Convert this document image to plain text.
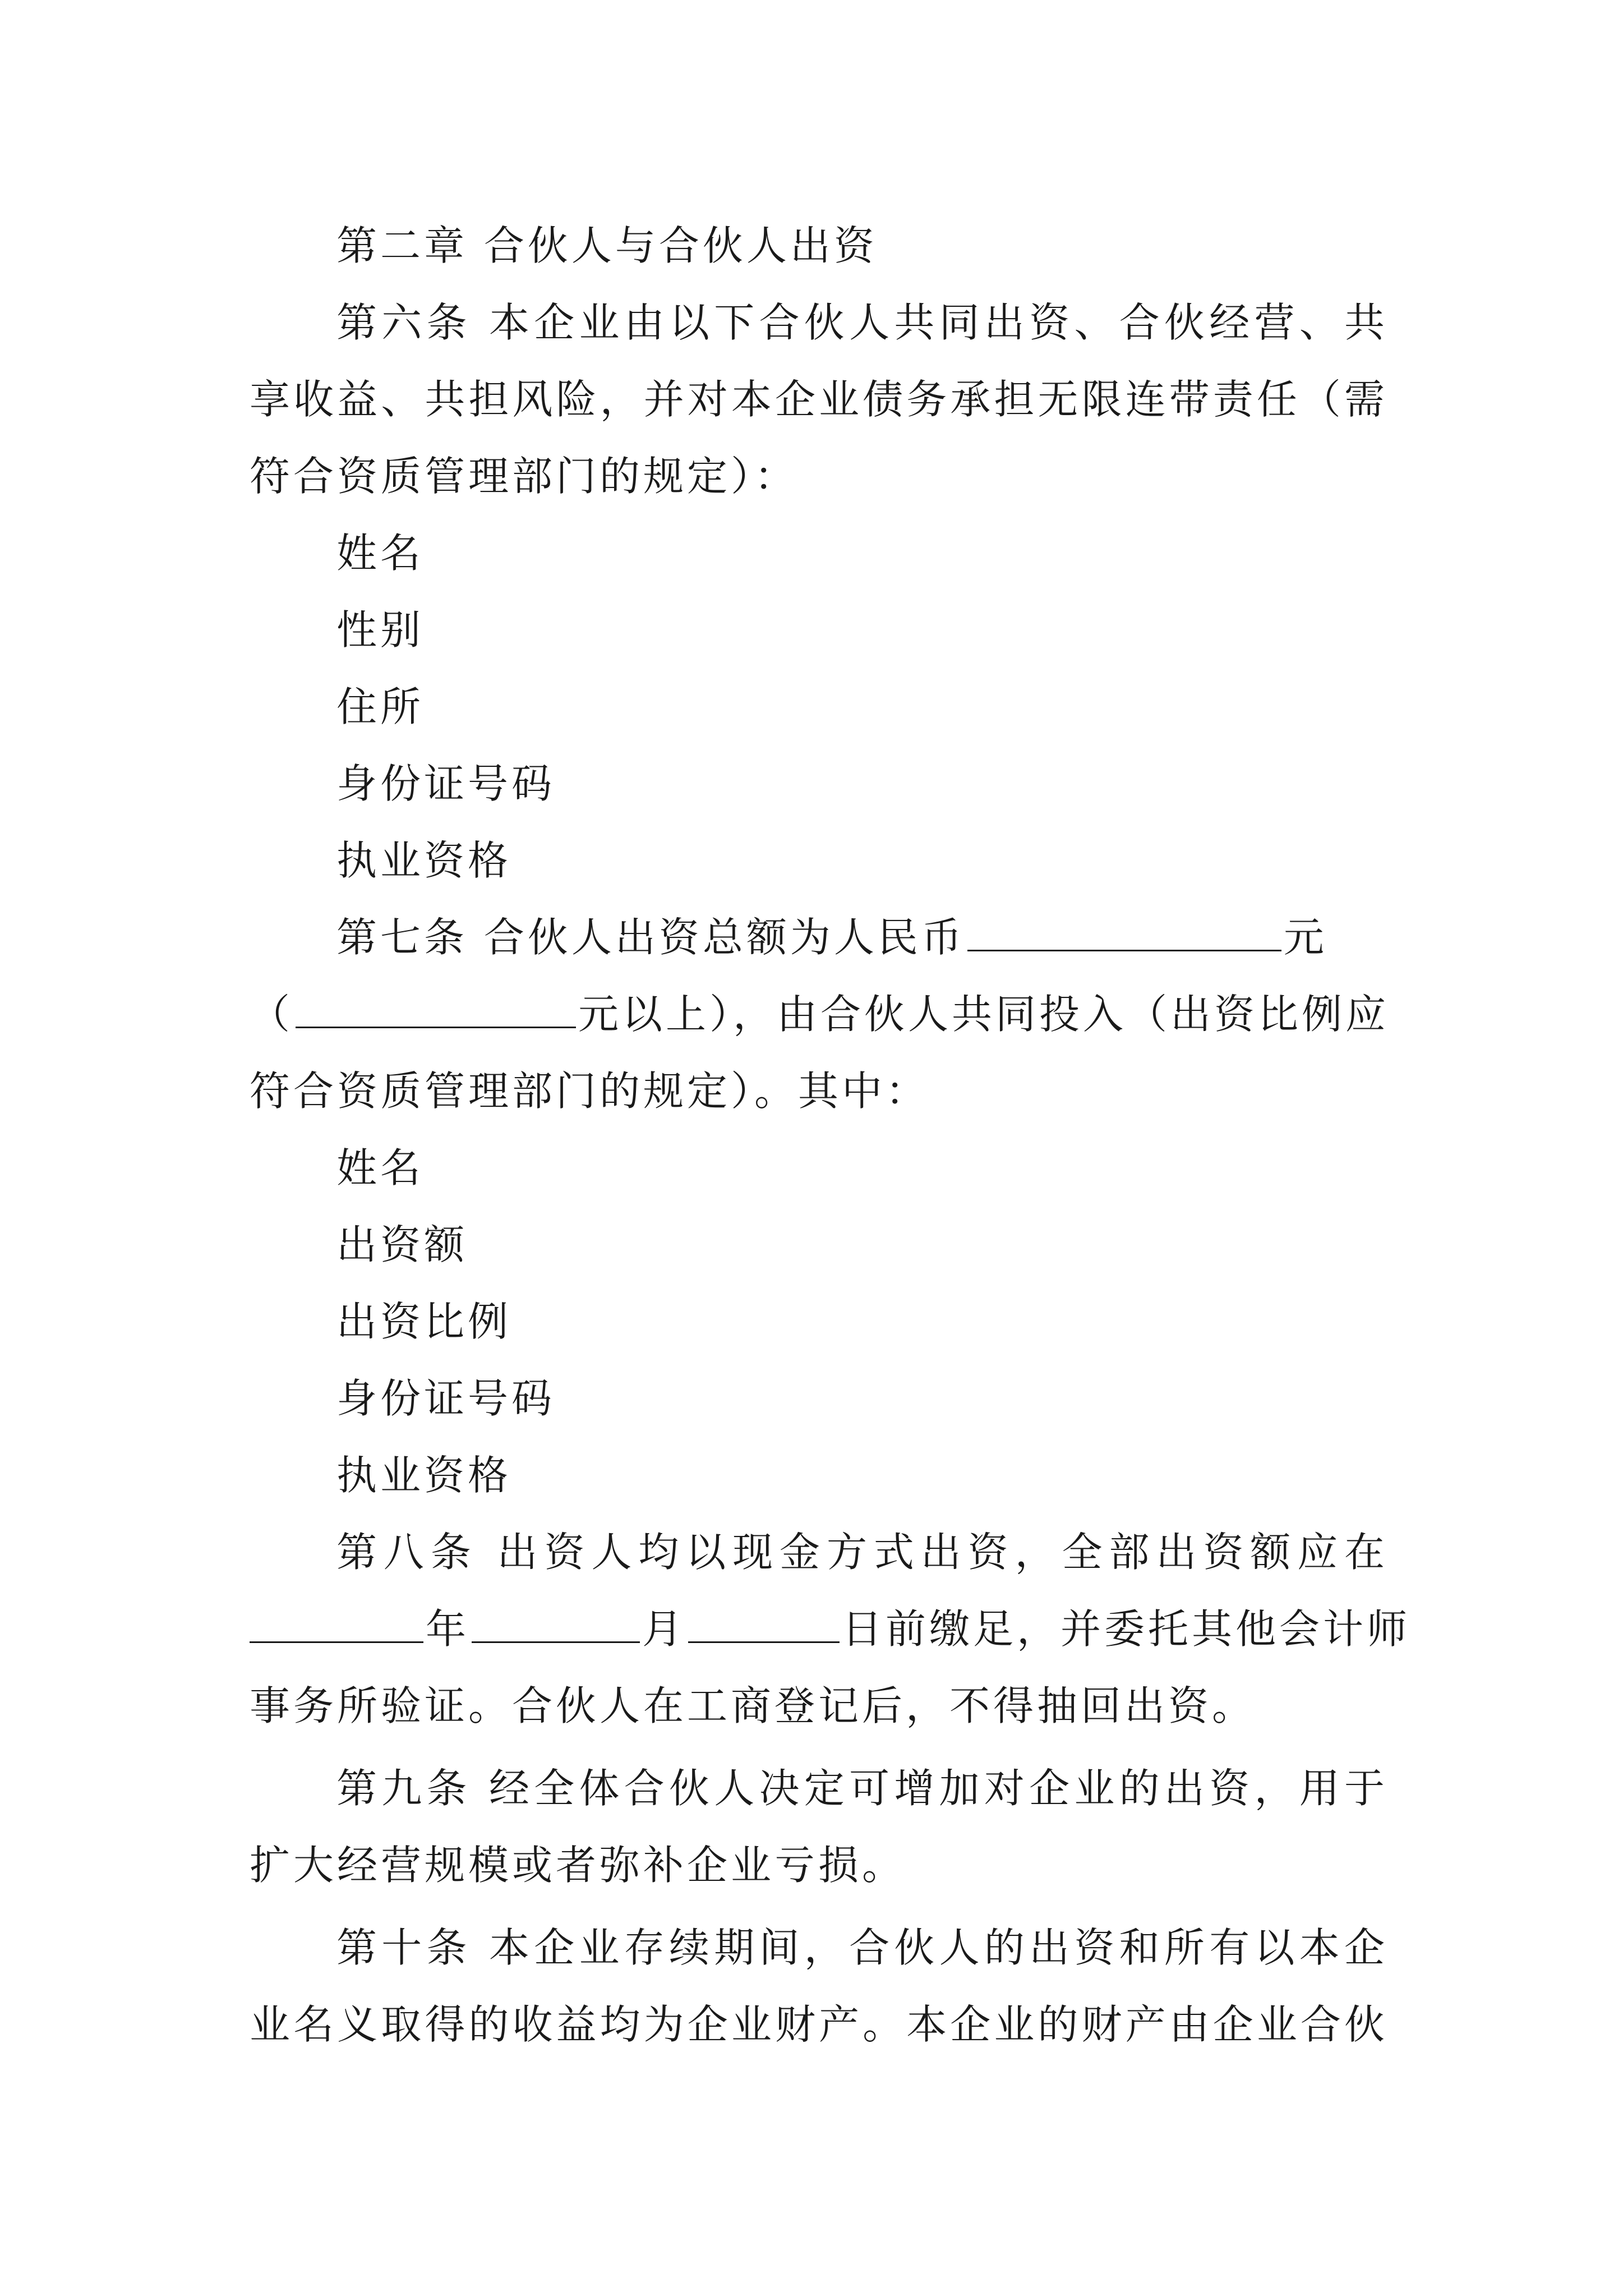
第二章 合伙人与合伙人出资
第六条 本企业由以下合伙人共同出资、合伙经营、共
享收益、共担风险，并对本企业债务承担无限连带责任（需
符合资质管理部门的规定）：
姓名
性别
住所
身份证号码
执业资格
第七条 合伙人出资总额为人民币	元
（	元以上），由合伙人共同投入（出资比例应
符合资质管理部门的规定）。其中：
姓名
出资额
出资比例
身份证号码
执业资格
第八条 出资人均以现金方式出资，全部出资额应在
年	月	日前缴足，并委托其他会计师
事务所验证。合伙人在工商登记后，不得抽回出资。
第九条 经全体合伙人决定可增加对企业的出资，用于
扩大经营规模或者弥补企业亏损。
第十条 本企业存续期间，合伙人的出资和所有以本企
业名义取得的收益均为企业财产。本企业的财产由企业合伙
